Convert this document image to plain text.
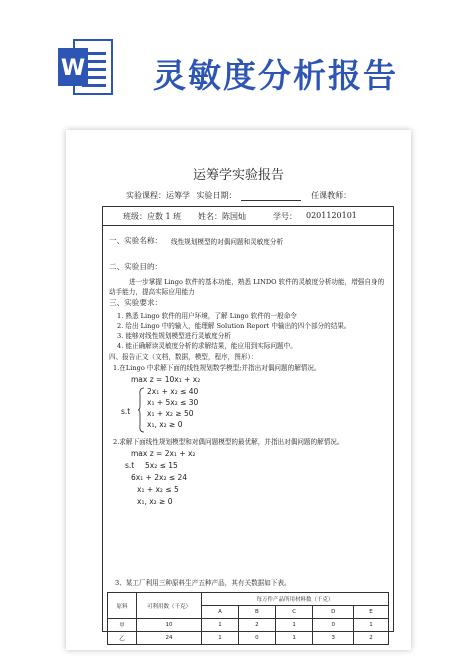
W 灵敏度分析报告
运筹学实验报告
实验课程：运筹学 实验日期：	任课教师：
班级：应数 1 班 姓名：陈国灿	学号： 0201120101
一、实验名称： 线性规划模型的对偶问题和灵敏度分析
二、实验目的：
进一步掌握 Lingo 软件的基本功能，熟悉 LINDO 软件的灵敏度分析功能，增强自身的
动手能力，提高实际应用能力
三、实验要求：
1. 熟悉 Lingo 软件的用户环境，了解 Lingo 软件的一般命令
2. 给出 Lingo 中的输入，能理解 Solution Report 中输出的四个部分的结果。
3. 能够对线性规划模型进行灵敏度分析
4. 能正确解读灵敏度分析的求解结果，能应用到实际问题中。
四、报告正文（文档，数据，模型，程序，图形）：
1.在Lingo 中求解下面的线性规划数学模型;并指出对偶问题的解情况。
max z = 10x₁ + x₂
s.t
2x₁ + x₂ ≤ 40
x₁ + 5x₂ ≤ 30
x₁ + x₂ ≥ 50
x₁, x₂ ≥ 0
2.求解下面线性规划模型和对偶问题模型的最优解，并指出对偶问题的解情况。
max z = 2x₁ + x₂
s.t 5x₂ ≤ 15
6x₁ + 2x₂ ≤ 24
x₁ + x₂ ≤ 5
x₁, x₂ ≥ 0
3、某工厂利用三种原料生产五种产品，其有关数据如下表。
原料	可利用数（千克）	每万件产品所用材料数（千克）				
		A	B	C	D	E
甲	10	1	2	1	0	1
乙	24	1	0	1	3	2
